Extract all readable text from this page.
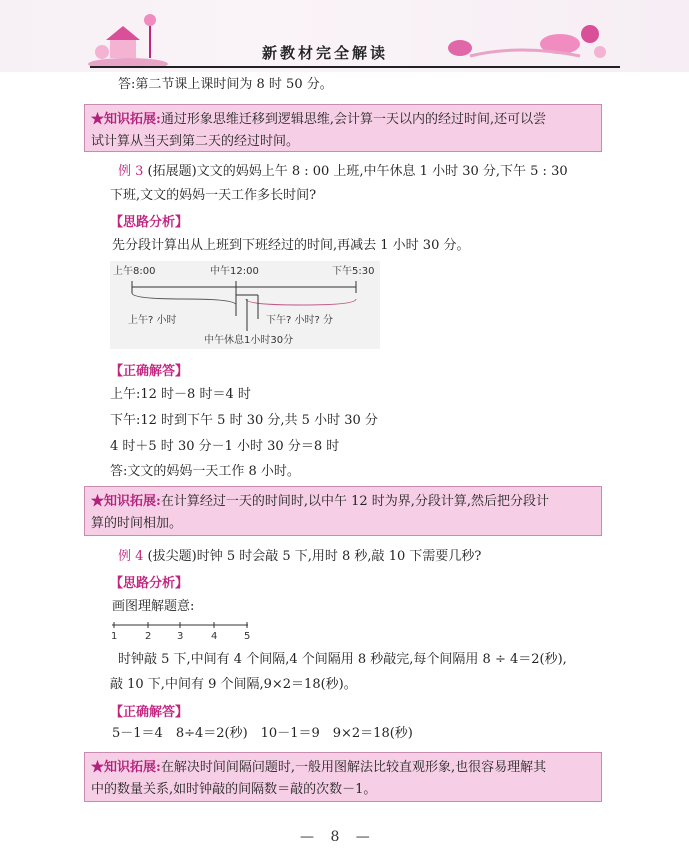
新教材完全解读
答:第二节课上课时间为 8 时 50 分。
★知识拓展:通过形象思维迁移到逻辑思维,会计算一天以内的经过时间,还可以尝
试计算从当天到第二天的经过时间。
例 3 (拓展题)文文的妈妈上午 8 : 00 上班,中午休息 1 小时 30 分,下午 5 : 30
下班,文文的妈妈一天工作多长时间?
【思路分析】
先分段计算出从上班到下班经过的时间,再减去 1 小时 30 分。
上午8:00	中午12:00	下午5:30
上午? 小时	下午? 小时? 分
中午休息1小时30分
【正确解答】
上午:12 时－8 时＝4 时
下午:12 时到下午 5 时 30 分,共 5 小时 30 分
4 时＋5 时 30 分－1 小时 30 分＝8 时
答:文文的妈妈一天工作 8 小时。
★知识拓展:在计算经过一天的时间时,以中午 12 时为界,分段计算,然后把分段计
算的时间相加。
例 4 (拔尖题)时钟 5 时会敲 5 下,用时 8 秒,敲 10 下需要几秒?
【思路分析】
画图理解题意:
1	2	3	4	5
时钟敲 5 下,中间有 4 个间隔,4 个间隔用 8 秒敲完,每个间隔用 8 ÷ 4＝2(秒),
敲 10 下,中间有 9 个间隔,9×2＝18(秒)。
【正确解答】
5－1＝4　8÷4＝2(秒)　10－1＝9　9×2＝18(秒)
★知识拓展:在解决时间间隔问题时,一般用图解法比较直观形象,也很容易理解其
中的数量关系,如时钟敲的间隔数＝敲的次数－1。
— 8 —
